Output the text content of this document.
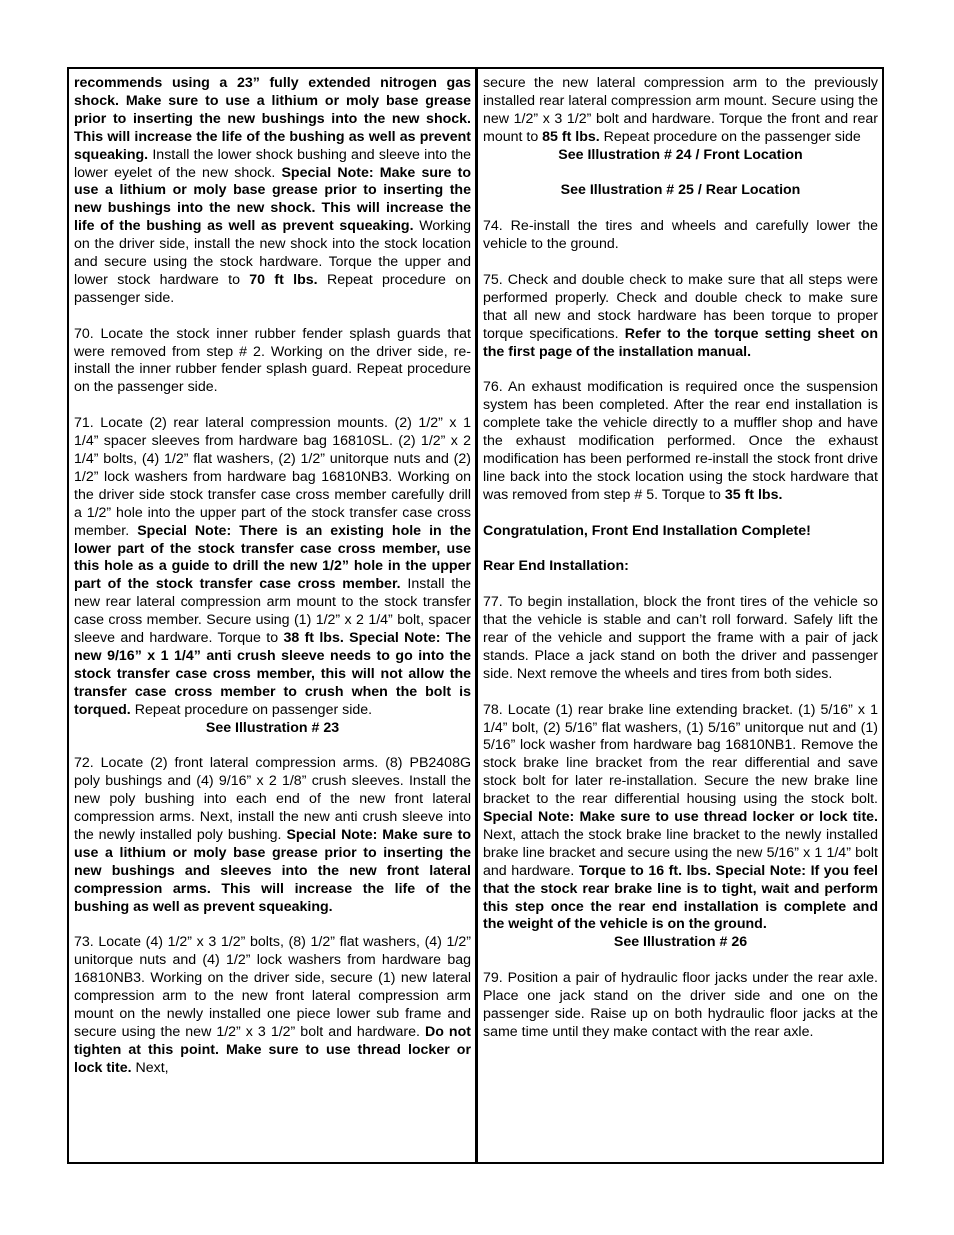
recommends using a 23” fully extended nitrogen gas shock. Make sure to use a lithium or moly base grease prior to inserting the new bushings into the new shock. This will increase the life of the bushing as well as prevent squeaking. Install the lower shock bushing and sleeve into the lower eyelet of the new shock. Special Note: Make sure to use a lithium or moly base grease prior to inserting the new bushings into the new shock. This will increase the life of the bushing as well as prevent squeaking. Working on the driver side, install the new shock into the stock location and secure using the stock hardware. Torque the upper and lower stock hardware to 70 ft lbs. Repeat procedure on passenger side.

70. Locate the stock inner rubber fender splash guards that were removed from step # 2. Working on the driver side, re-install the inner rubber fender splash guard. Repeat procedure on the passenger side.

71. Locate (2) rear lateral compression mounts. (2) 1/2” x 1 1/4” spacer sleeves from hardware bag 16810SL. (2) 1/2” x 2 1/4” bolts, (4) 1/2” flat washers, (2) 1/2” unitorque nuts and (2) 1/2” lock washers from hardware bag 16810NB3. Working on the driver side stock transfer case cross member carefully drill a 1/2” hole into the upper part of the stock transfer case cross member. Special Note: There is an existing hole in the lower part of the stock transfer case cross member, use this hole as a guide to drill the new 1/2” hole in the upper part of the stock transfer case cross member. Install the new rear lateral compression arm mount to the stock transfer case cross member. Secure using (1) 1/2” x 2 1/4” bolt, spacer sleeve and hardware. Torque to 38 ft lbs. Special Note: The new 9/16” x 1 1/4” anti crush sleeve needs to go into the stock transfer case cross member, this will not allow the transfer case cross member to crush when the bolt is torqued. Repeat procedure on passenger side.

See Illustration # 23

72. Locate (2) front lateral compression arms. (8) PB2408G poly bushings and (4) 9/16” x 2 1/8” crush sleeves. Install the new poly bushing into each end of the new front lateral compression arms. Next, install the new anti crush sleeve into the newly installed poly bushing. Special Note: Make sure to use a lithium or moly base grease prior to inserting the new bushings and sleeves into the new front lateral compression arms. This will increase the life of the bushing as well as prevent squeaking.

73. Locate (4) 1/2” x 3 1/2” bolts, (8) 1/2” flat washers, (4) 1/2” unitorque nuts and (4) 1/2” lock washers from hardware bag 16810NB3. Working on the driver side, secure (1) new lateral compression arm to the new front lateral compression arm mount on the newly installed one piece lower sub frame and secure using the new 1/2” x 3 1/2” bolt and hardware. Do not tighten at this point. Make sure to use thread locker or lock tite. Next,

secure the new lateral compression arm to the previously installed rear lateral compression arm mount. Secure using the new 1/2” x 3 1/2” bolt and hardware. Torque the front and rear mount to 85 ft lbs. Repeat procedure on the passenger side

See Illustration # 24 / Front Location

See Illustration # 25 / Rear Location

74. Re-install the tires and wheels and carefully lower the vehicle to the ground.

75. Check and double check to make sure that all steps were performed properly. Check and double check to make sure that all new and stock hardware has been torque to proper torque specifications. Refer to the torque setting sheet on the first page of the installation manual.

76. An exhaust modification is required once the suspension system has been completed. After the rear end installation is complete take the vehicle directly to a muffler shop and have the exhaust modification performed. Once the exhaust modification has been performed re-install the stock front drive line back into the stock location using the stock hardware that was removed from step # 5. Torque to 35 ft lbs.

Congratulation, Front End Installation Complete!

Rear End Installation:

77. To begin installation, block the front tires of the vehicle so that the vehicle is stable and can’t roll forward. Safely lift the rear of the vehicle and support the frame with a pair of jack stands. Place a jack stand on both the driver and passenger side. Next remove the wheels and tires from both sides.

78. Locate (1) rear brake line extending bracket. (1) 5/16” x 1 1/4” bolt, (2) 5/16” flat washers, (1) 5/16” unitorque nut and (1) 5/16” lock washer from hardware bag 16810NB1. Remove the stock brake line bracket from the rear differential and save stock bolt for later re-installation. Secure the new brake line bracket to the rear differential housing using the stock bolt. Special Note: Make sure to use thread locker or lock tite. Next, attach the stock brake line bracket to the newly installed brake line bracket and secure using the new 5/16” x 1 1/4” bolt and hardware. Torque to 16 ft. lbs. Special Note: If you feel that the stock rear brake line is to tight, wait and perform this step once the rear end installation is complete and the weight of the vehicle is on the ground.

See Illustration # 26

79. Position a pair of hydraulic floor jacks under the rear axle. Place one jack stand on the driver side and one on the passenger side. Raise up on both hydraulic floor jacks at the same time until they make contact with the rear axle.
